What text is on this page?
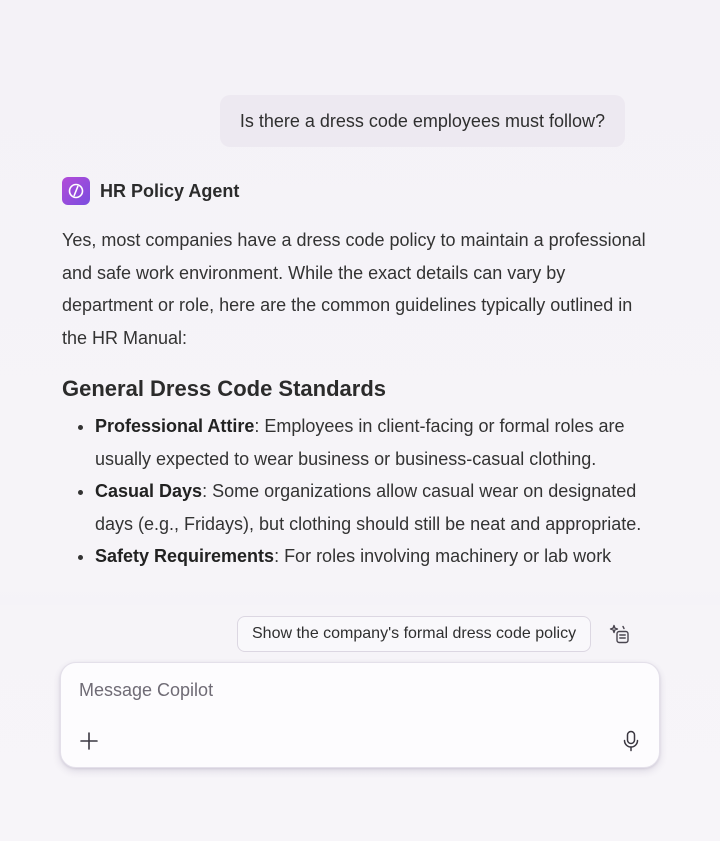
Is there a dress code employees must follow?
HR Policy Agent

Yes, most companies have a dress code policy to maintain a professional and safe work environment. While the exact details can vary by department or role, here are the common guidelines typically outlined in the HR Manual:

General Dress Code Standards
• Professional Attire: Employees in client-facing or formal roles are usually expected to wear business or business-casual clothing.
• Casual Days: Some organizations allow casual wear on designated days (e.g., Fridays), but clothing should still be neat and appropriate.
• Safety Requirements: For roles involving machinery or lab work
Show the company's formal dress code policy
Message Copilot
